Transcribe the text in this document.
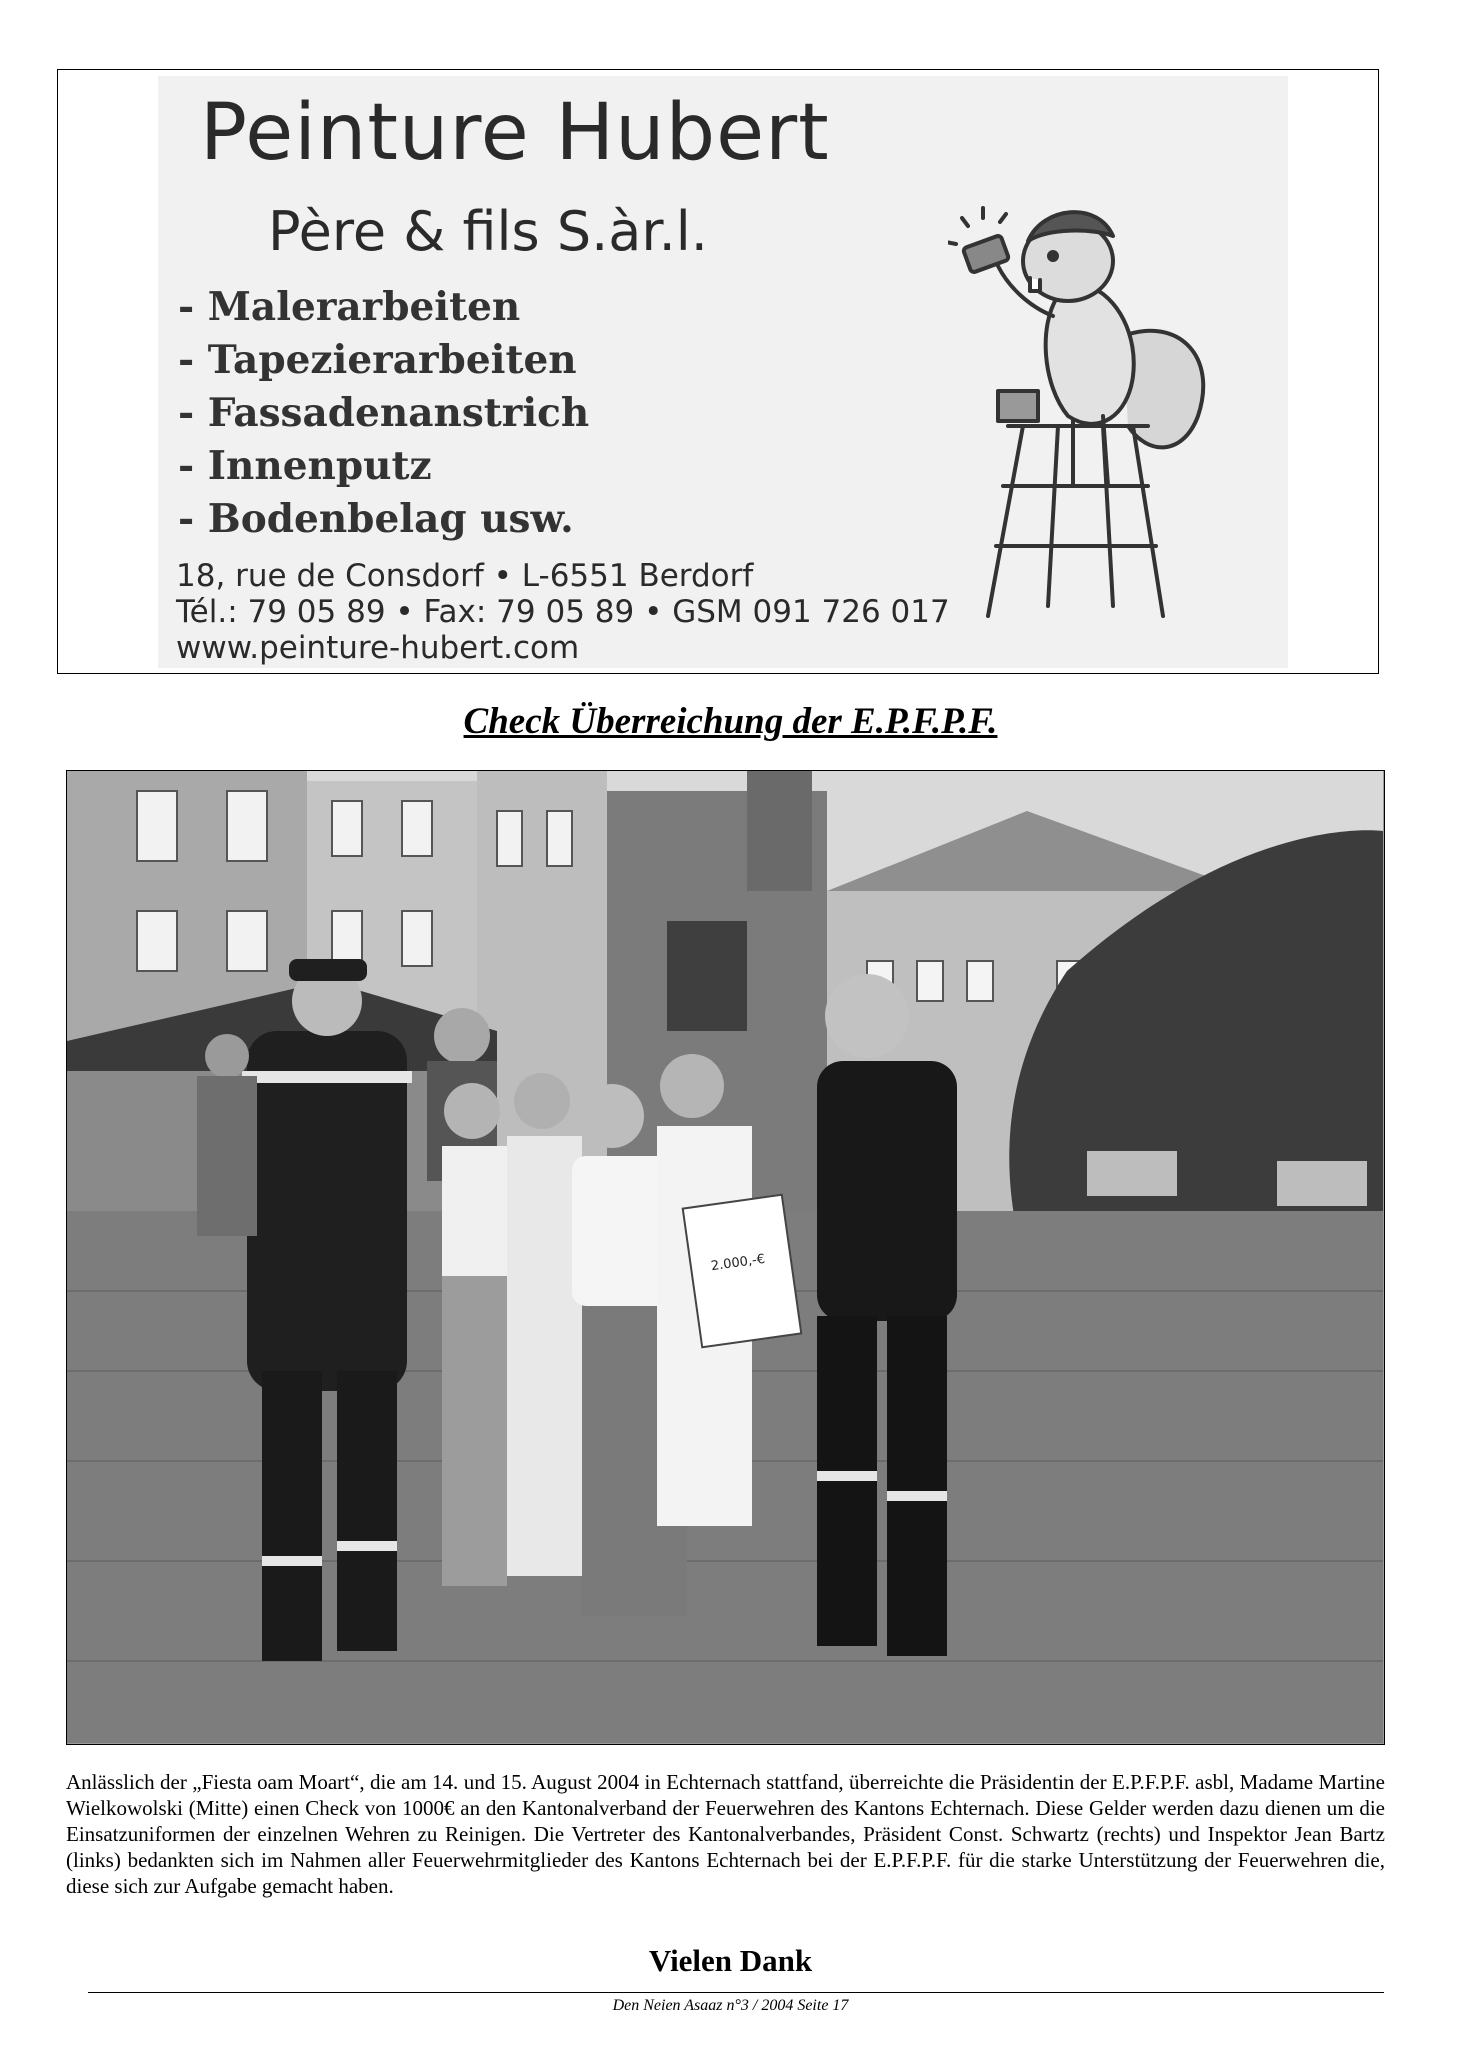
Peinture Hubert
Père & fils S.àr.l.
- Malerarbeiten
- Tapezierarbeiten
- Fassadenanstrich
- Innenputz
- Bodenbelag usw.
18, rue de Consdorf • L-6551 Berdorf
Tél.: 79 05 89 • Fax: 79 05 89 • GSM 091 726 017
www.peinture-hubert.com
Check Überreichung der E.P.F.P.F.
2.000,-€

Anlässlich der „Fiesta oam Moart“, die am 14. und 15. August 2004 in Echternach stattfand, überreichte die Präsidentin der E.P.F.P.F. asbl, Madame Martine Wielkowolski (Mitte) einen Check von 1000€ an den Kantonalverband der Feuerwehren des Kantons Echternach. Diese Gelder werden dazu dienen um die Einsatzuniformen der einzelnen Wehren zu Reinigen. Die Vertreter des Kantonalverbandes, Präsident Const. Schwartz (rechts) und Inspektor Jean Bartz (links) bedankten sich im Nahmen aller Feuerwehrmitglieder des Kantons Echternach bei der E.P.F.P.F. für die starke Unterstützung der Feuerwehren die, diese sich zur Aufgabe gemacht haben.

Vielen Dank
Den Neien Asaaz n°3 / 2004 Seite 17
